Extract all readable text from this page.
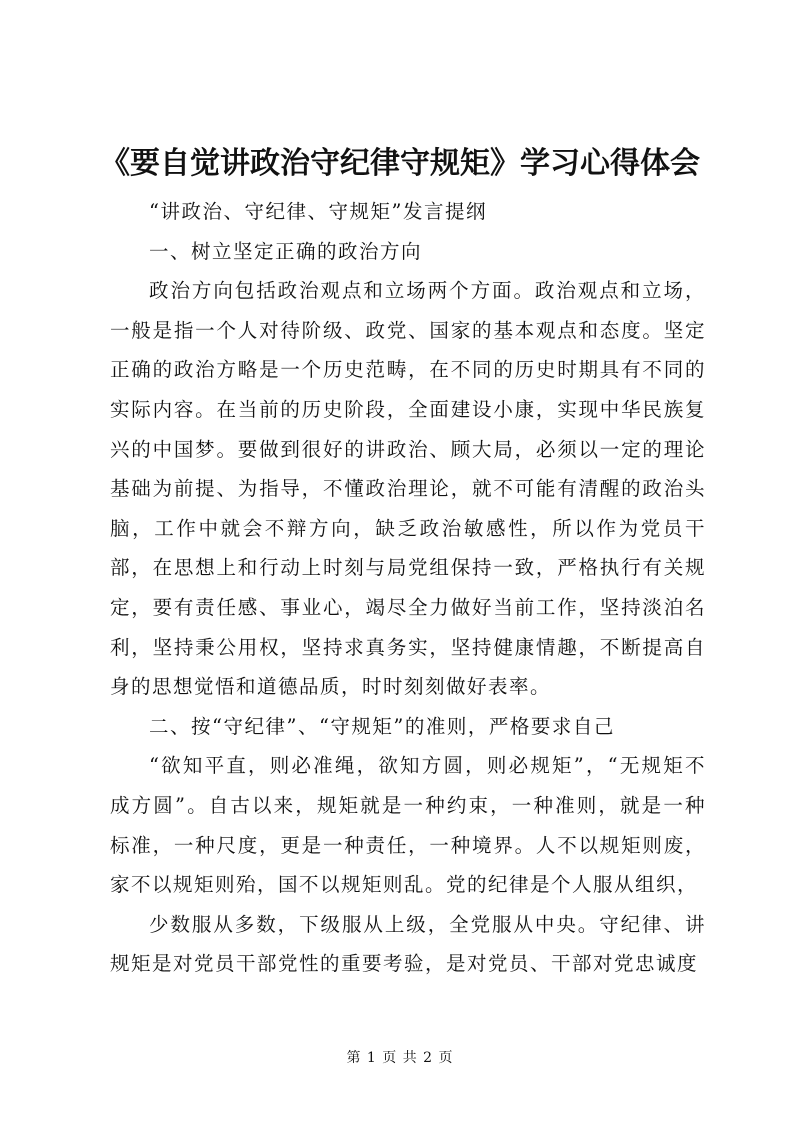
《要自觉讲政治守纪律守规矩》学习心得体会

“讲政治、守纪律、守规矩”发言提纲

一、树立坚定正确的政治方向

政治方向包括政治观点和立场两个方面。政治观点和立场，一般是指一个人对待阶级、政党、国家的基本观点和态度。坚定正确的政治方略是一个历史范畴，在不同的历史时期具有不同的实际内容。在当前的历史阶段，全面建设小康，实现中华民族复兴的中国梦。要做到很好的讲政治、顾大局，必须以一定的理论基础为前提、为指导，不懂政治理论，就不可能有清醒的政治头脑，工作中就会不辩方向，缺乏政治敏感性，所以作为党员干部，在思想上和行动上时刻与局党组保持一致，严格执行有关规定，要有责任感、事业心，竭尽全力做好当前工作，坚持淡泊名利，坚持秉公用权，坚持求真务实，坚持健康情趣，不断提高自身的思想觉悟和道德品质，时时刻刻做好表率。

二、按“守纪律”、“守规矩”的准则，严格要求自己

“欲知平直，则必准绳，欲知方圆，则必规矩”，“无规矩不成方圆”。自古以来，规矩就是一种约束，一种准则，就是一种标准，一种尺度，更是一种责任，一种境界。人不以规矩则废，家不以规矩则殆，国不以规矩则乱。党的纪律是个人服从组织，

少数服从多数，下级服从上级，全党服从中央。守纪律、讲规矩是对党员干部党性的重要考验，是对党员、干部对党忠诚度

第 1 页 共 2 页
